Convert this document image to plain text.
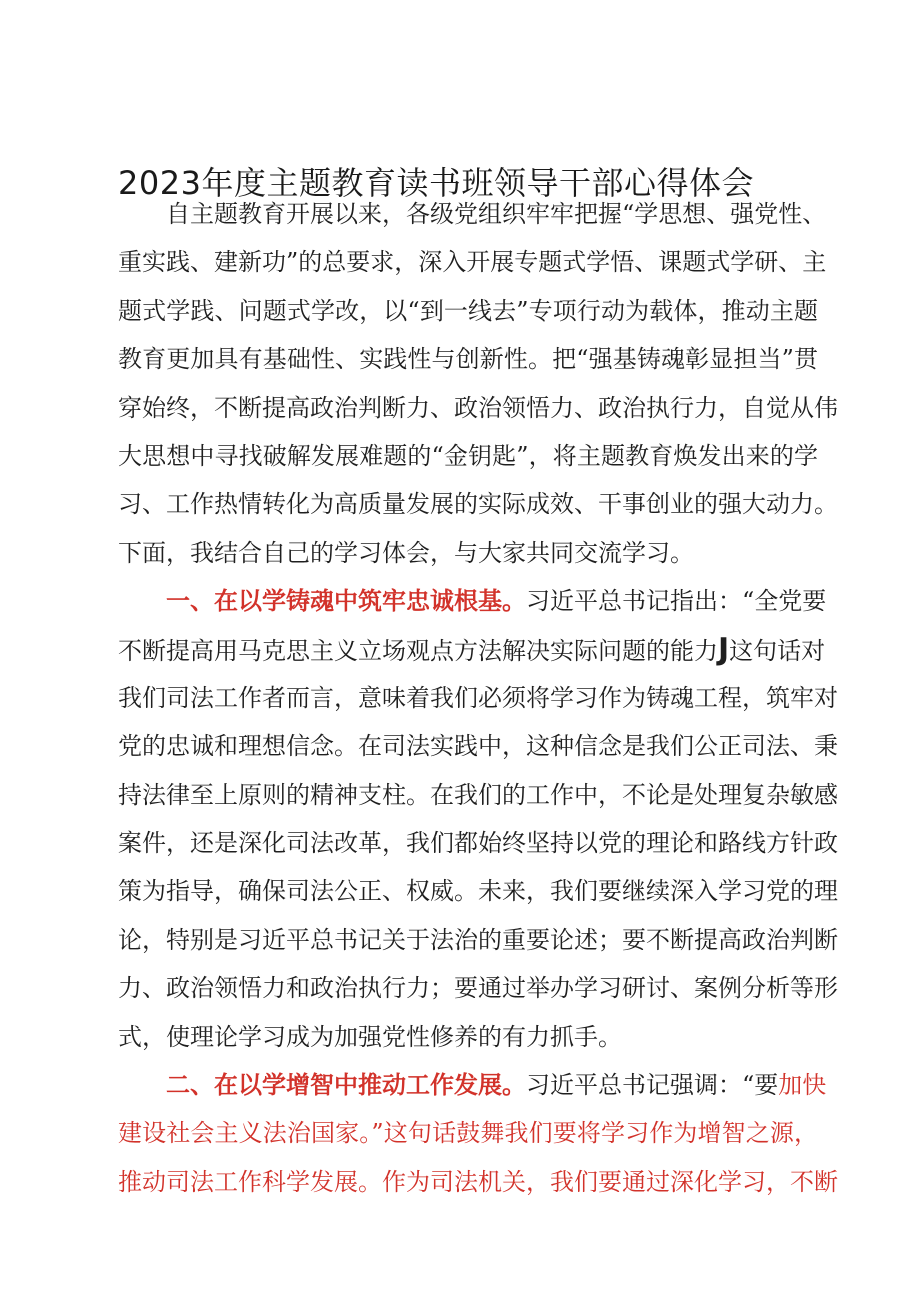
2023年度主题教育读书班领导干部心得体会
自主题教育开展以来，各级党组织牢牢把握“学思想、强党性、
重实践、建新功”的总要求，深入开展专题式学悟、课题式学研、主
题式学践、问题式学改，以“到一线去”专项行动为载体，推动主题
教育更加具有基础性、实践性与创新性。把“强基铸魂彰显担当”贯
穿始终，不断提高政治判断力、政治领悟力、政治执行力，自觉从伟
大思想中寻找破解发展难题的“金钥匙”，将主题教育焕发出来的学
习、工作热情转化为高质量发展的实际成效、干事创业的强大动力。
下面，我结合自己的学习体会，与大家共同交流学习。
一、在以学铸魂中筑牢忠诚根基。习近平总书记指出：“全党要
不断提高用马克思主义立场观点方法解决实际问题的能力J这句话对
我们司法工作者而言，意味着我们必须将学习作为铸魂工程，筑牢对
党的忠诚和理想信念。在司法实践中，这种信念是我们公正司法、秉
持法律至上原则的精神支柱。在我们的工作中，不论是处理复杂敏感
案件，还是深化司法改革，我们都始终坚持以党的理论和路线方针政
策为指导，确保司法公正、权威。未来，我们要继续深入学习党的理
论，特别是习近平总书记关于法治的重要论述；要不断提高政治判断
力、政治领悟力和政治执行力；要通过举办学习研讨、案例分析等形
式，使理论学习成为加强党性修养的有力抓手。
二、在以学增智中推动工作发展。习近平总书记强调：“要加快
建设社会主义法治国家。”这句话鼓舞我们要将学习作为增智之源，
推动司法工作科学发展。作为司法机关，我们要通过深化学习，不断
